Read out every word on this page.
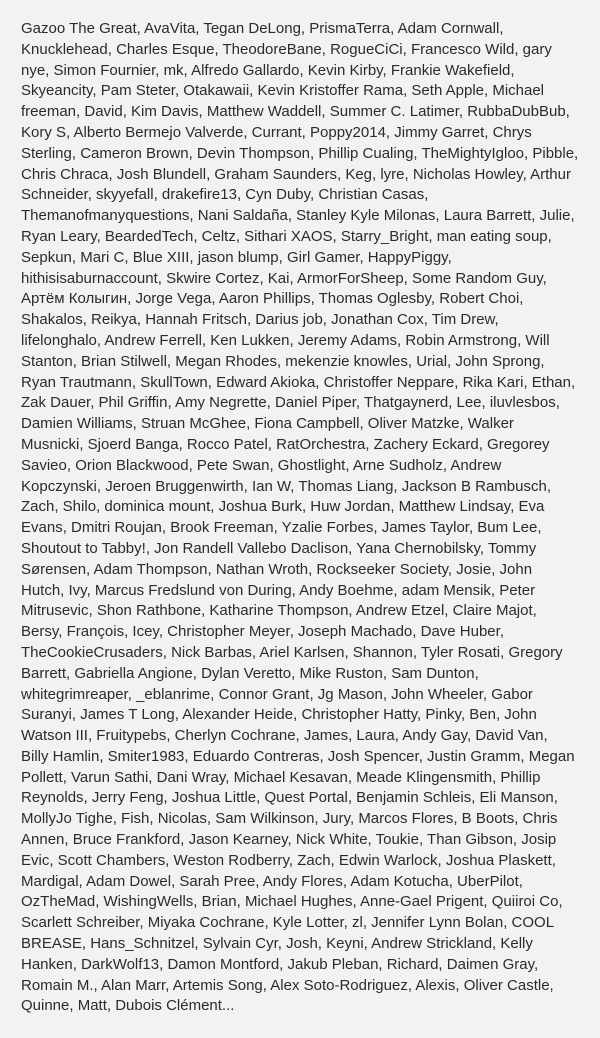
Gazoo The Great, AvaVita, Tegan DeLong, PrismaTerra, Adam Cornwall, Knucklehead, Charles Esque, TheodoreBane, RogueCiCi, Francesco Wild, gary nye, Simon Fournier, mk, Alfredo Gallardo, Kevin Kirby, Frankie Wakefield, Skyeancity, Pam Steter, Otakawaii, Kevin Kristoffer Rama, Seth Apple, Michael freeman, David, Kim Davis, Matthew Waddell, Summer C. Latimer, RubbaDubBub, Kory S, Alberto Bermejo Valverde, Currant, Poppy2014, Jimmy Garret, Chrys Sterling, Cameron Brown, Devin Thompson, Phillip Cualing, TheMightyIgloo, Pibble, Chris Chraca, Josh Blundell, Graham Saunders, Keg, lyre, Nicholas Howley, Arthur Schneider, skyyefall, drakefire13, Cyn Duby, Christian Casas, Themanofmanyquestions, Nani Saldaña, Stanley Kyle Milonas, Laura Barrett, Julie, Ryan Leary, BeardedTech, Celtz, Sithari XAOS, Starry_Bright, man eating soup, Sepkun, Mari C, Blue XIII, jason blump, Girl Gamer, HappyPiggy, hithisisaburnaccount, Skwire Cortez, Kai, ArmorForSheep, Some Random Guy, Артём Колыгин, Jorge Vega, Aaron Phillips, Thomas Oglesby, Robert Choi, Shakalos, Reikya, Hannah Fritsch, Darius job, Jonathan Cox, Tim Drew, lifelonghalo, Andrew Ferrell, Ken Lukken, Jeremy Adams, Robin Armstrong, Will Stanton, Brian Stilwell, Megan Rhodes, mekenzie knowles, Urial, John Sprong, Ryan Trautmann, SkullTown, Edward Akioka, Christoffer Neppare, Rika Kari, Ethan, Zak Dauer, Phil Griffin, Amy Negrette, Daniel Piper, Thatgaynerd, Lee, iluvlesbos, Damien Williams, Struan McGhee, Fiona Campbell, Oliver Matzke, Walker Musnicki, Sjoerd Banga, Rocco Patel, RatOrchestra, Zachery Eckard, Gregorey Savieo, Orion Blackwood, Pete Swan, Ghostlight, Arne Sudholz, Andrew Kopczynski, Jeroen Bruggenwirth, Ian W, Thomas Liang, Jackson B Rambusch, Zach, Shilo, dominica mount, Joshua Burk, Huw Jordan, Matthew Lindsay, Eva Evans, Dmitri Roujan, Brook Freeman, Yzalie Forbes, James Taylor, Bum Lee, Shoutout to Tabby!, Jon Randell Vallebo Daclison, Yana Chernobilsky, Tommy Sørensen, Adam Thompson, Nathan Wroth, Rockseeker Society, Josie, John Hutch, Ivy, Marcus Fredslund von During, Andy Boehme, adam Mensik, Peter Mitrusevic, Shon Rathbone, Katharine Thompson, Andrew Etzel, Claire Majot, Bersy, François, Icey, Christopher Meyer, Joseph Machado, Dave Huber, TheCookieCrusaders, Nick Barbas, Ariel Karlsen, Shannon, Tyler Rosati, Gregory Barrett, Gabriella Angione, Dylan Veretto, Mike Ruston, Sam Dunton, whitegrimreaper, _eblanrime, Connor Grant, Jg Mason, John Wheeler, Gabor Suranyi, James T Long, Alexander Heide, Christopher Hatty, Pinky, Ben, John Watson III, Fruitypebs, Cherlyn Cochrane, James, Laura, Andy Gay, David Van, Billy Hamlin, Smiter1983, Eduardo Contreras, Josh Spencer, Justin Gramm, Megan Pollett, Varun Sathi, Dani Wray, Michael Kesavan, Meade Klingensmith, Phillip Reynolds, Jerry Feng, Joshua Little, Quest Portal, Benjamin Schleis, Eli Manson, MollyJo Tighe, Fish, Nicolas, Sam Wilkinson, Jury, Marcos Flores, B Boots, Chris Annen, Bruce Frankford, Jason Kearney, Nick White, Toukie, Than Gibson, Josip Evic, Scott Chambers, Weston Rodberry, Zach, Edwin Warlock, Joshua Plaskett, Mardigal, Adam Dowel, Sarah Pree, Andy Flores, Adam Kotucha, UberPilot, OzTheMad, WishingWells, Brian, Michael Hughes, Anne-Gael Prigent, Quiiroi Co, Scarlett Schreiber, Miyaka Cochrane, Kyle Lotter, zl, Jennifer Lynn Bolan, COOL BREASE, Hans_Schnitzel, Sylvain Cyr, Josh, Keyni, Andrew Strickland, Kelly Hanken, DarkWolf13, Damon Montford, Jakub Pleban, Richard, Daimen Gray, Romain M., Alan Marr, Artemis Song, Alex Soto-Rodriguez, Alexis, Oliver Castle, Quinne, Matt, Dubois Clément...
